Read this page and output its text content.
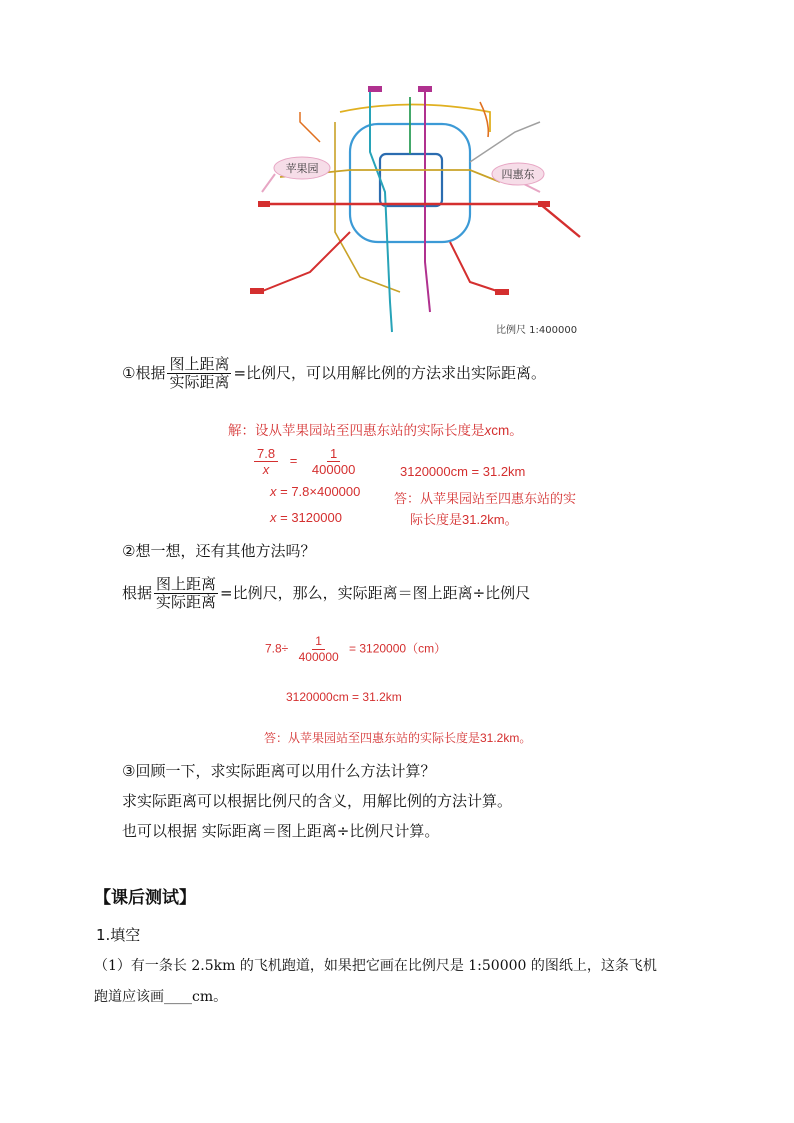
苹果园	四惠东
比例尺 1:400000
①根据 $\frac{\text{图上距离}}{\text{实际距离}}$ =比例尺，可以用解比例的方法求出实际距离。
解：设从苹果园站至四惠东站的实际长度是xcm。
$\frac{7.8}{x} = \frac{1}{400000}$
x = 7.8×400000
x = 3120000
3120000cm = 31.2km
答：从苹果园站至四惠东站的实
际长度是31.2km。
②想一想，还有其他方法吗？
根据 $\frac{\text{图上距离}}{\text{实际距离}}$ =比例尺，那么，实际距离＝图上距离÷比例尺
$7.8\div \frac{1}{400000} = 3120000(cm)$
3120000cm = 31.2km
答：从苹果园站至四惠东站的实际长度是31.2km。
③回顾一下，求实际距离可以用什么方法计算？
求实际距离可以根据比例尺的含义，用解比例的方法计算。
也可以根据 实际距离＝图上距离÷比例尺计算。
【课后测试】
1.填空
（1）有一条长 2.5km 的飞机跑道，如果把它画在比例尺是 1:50000 的图纸上，这条飞机
跑道应该画____cm。
